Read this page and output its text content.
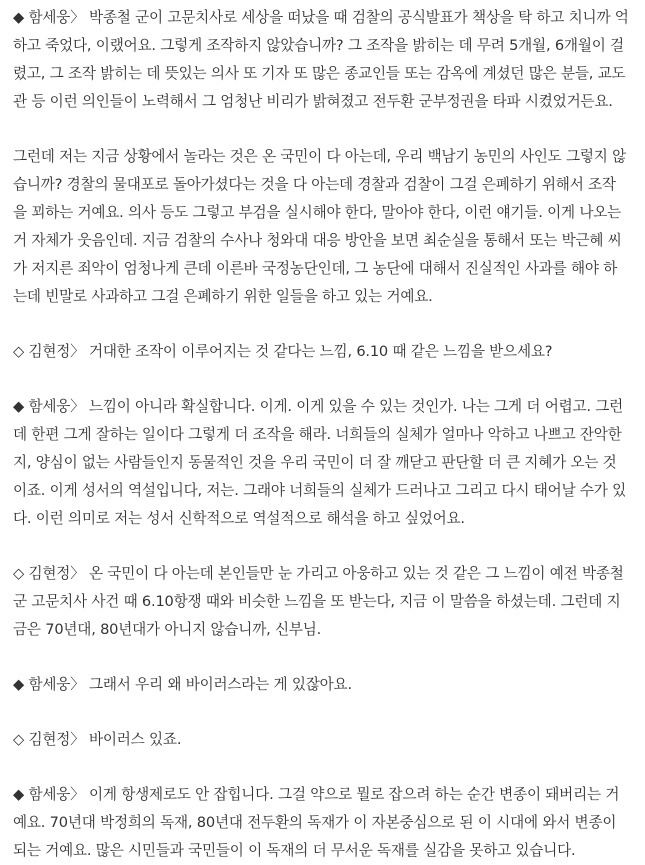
◆ 함세웅〉 박종철 군이 고문치사로 세상을 떠났을 때 검찰의 공식발표가 책상을 탁 하고 치니까 억
하고 죽었다, 이랬어요. 그렇게 조작하지 않았습니까? 그 조작을 밝히는 데 무려 5개월, 6개월이 걸
렸고, 그 조작 밝히는 데 뜻있는 의사 또 기자 또 많은 종교인들 또는 감옥에 계셨던 많은 분들, 교도
관 등 이런 의인들이 노력해서 그 엄청난 비리가 밝혀졌고 전두환 군부정권을 타파 시켰었거든요.

그런데 저는 지금 상황에서 놀라는 것은 온 국민이 다 아는데, 우리 백남기 농민의 사인도 그렇지 않
습니까? 경찰의 물대포로 돌아가셨다는 것을 다 아는데 경찰과 검찰이 그걸 은폐하기 위해서 조작
을 꾀하는 거예요. 의사 등도 그렇고 부검을 실시해야 한다, 말아야 한다, 이런 얘기들. 이게 나오는
거 자체가 웃음인데. 지금 검찰의 수사나 청와대 대응 방안을 보면 최순실을 통해서 또는 박근혜 씨
가 저지른 죄악이 엄청나게 큰데 이른바 국정농단인데, 그 농단에 대해서 진실적인 사과를 해야 하
는데 빈말로 사과하고 그걸 은폐하기 위한 일들을 하고 있는 거예요.

◇ 김현정〉 거대한 조작이 이루어지는 것 같다는 느낌, 6.10 때 같은 느낌을 받으세요?

◆ 함세웅〉 느낌이 아니라 확실합니다. 이게. 이게 있을 수 있는 것인가. 나는 그게 더 어렵고. 그런
데 한편 그게 잘하는 일이다 그렇게 더 조작을 해라. 너희들의 실체가 얼마나 악하고 나쁘고 잔악한
지, 양심이 없는 사람들인지 동물적인 것을 우리 국민이 더 잘 깨닫고 판단할 더 큰 지혜가 오는 것
이죠. 이게 성서의 역설입니다, 저는. 그래야 너희들의 실체가 드러나고 그리고 다시 태어날 수가 있
다. 이런 의미로 저는 성서 신학적으로 역설적으로 해석을 하고 싶었어요.

◇ 김현정〉 온 국민이 다 아는데 본인들만 눈 가리고 아웅하고 있는 것 같은 그 느낌이 예전 박종철
군 고문치사 사건 때 6.10항쟁 때와 비슷한 느낌을 또 받는다, 지금 이 말씀을 하셨는데. 그런데 지
금은 70년대, 80년대가 아니지 않습니까, 신부님.

◆ 함세웅〉 그래서 우리 왜 바이러스라는 게 있잖아요.

◇ 김현정〉 바이러스 있죠.

◆ 함세웅〉 이게 항생제로도 안 잡힙니다. 그걸 약으로 뭘로 잡으려 하는 순간 변종이 돼버리는 거
예요. 70년대 박정희의 독재, 80년대 전두환의 독재가 이 자본중심으로 된 이 시대에 와서 변종이
되는 거예요. 많은 시민들과 국민들이 이 독재의 더 무서운 독재를 실감을 못하고 있습니다.
